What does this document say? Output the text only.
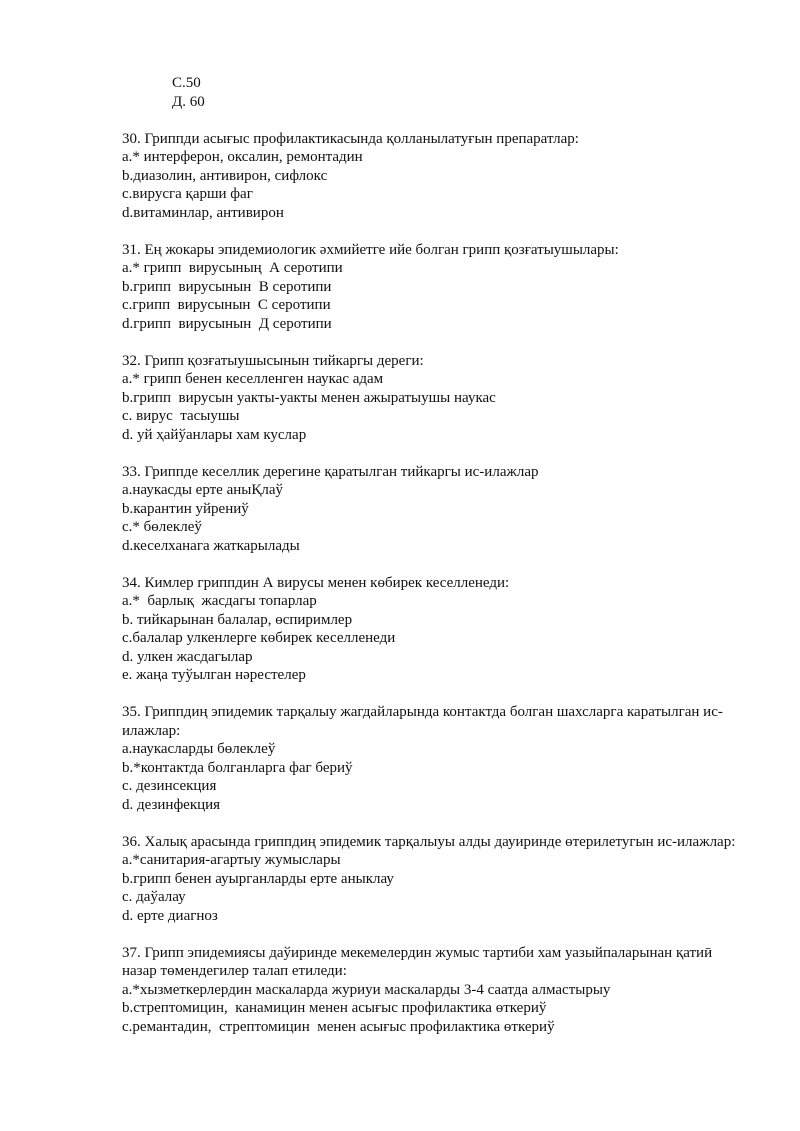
С.50

Д. 60

30. Гриппди асығыс профилактикасында қолланылатуғын препаратлар:

a.* интерферон, оксалин, ремонтадин

b.диазолин, антивирон, сифлокс

c.вирусга қарши фаг

d.витаминлар, антивирон

31. Ең жокары эпидемиологик әхмийетге ийе болган грипп қозғатыушылары:

a.* грипп  вирусының  А серотипи

b.грипп  вирусынын  В серотипи

c.грипп  вирусынын  С серотипи

d.грипп  вирусынын  Д серотипи

32. Грипп қозғатыушысынын тийкаргы дереги:

a.* грипп бенен кеселленген наукас адам

b.грипп  вирусын уакты-уакты менен ажыратыушы наукас

c. вирус  тасыушы

d. уй ҳайўанлары хам куслар

33. Гриппде кеселлик дерегине қаратылган тийкаргы ис-илажлар

a.наукасды ерте аныҚлаў

b.карантин уйрениў

c.* бөлеклеў

d.кеселханага жаткарылады

34. Кимлер гриппдин А вирусы менен көбирек кеселленеди:

a.*  барлық  жасдагы топарлар

b. тийкарынан балалар, өспиримлер

c.балалар улкенлерге көбирек кеселленеди

d. улкен жасдагылар

e. жаңа туўылган нәрестелер

35. Гриппдиң эпидемик тарқалыу жагдайларында контактда болган шахсларга каратылган ис-илажлар:

a.наукасларды бөлеклеў

b.*контактда болганларга фаг бериў

c. дезинсекция

d. дезинфекция

36. Халық арасында гриппдиң эпидемик тарқалыуы алды дауиринде өтерилетугын ис-илажлар:

a.*санитария-агартыу жумыслары

b.грипп бенен ауырганларды ерте аныклау

c. даўалау

d. ерте диагноз

37. Грипп эпидемиясы даўиринде мекемелердин жумыс тартиби хам уазыйпаларынан қатиӣ назар төмендегилер талап етиледи:

a.*хызметкерлердин маскаларда журиуи маскаларды 3-4 саатда алмастырыу

b.стрептомицин,  канамицин менен асығыс профилактика өткериў

c.ремантадин,  стрептомицин  менен асығыс профилактика өткериў
